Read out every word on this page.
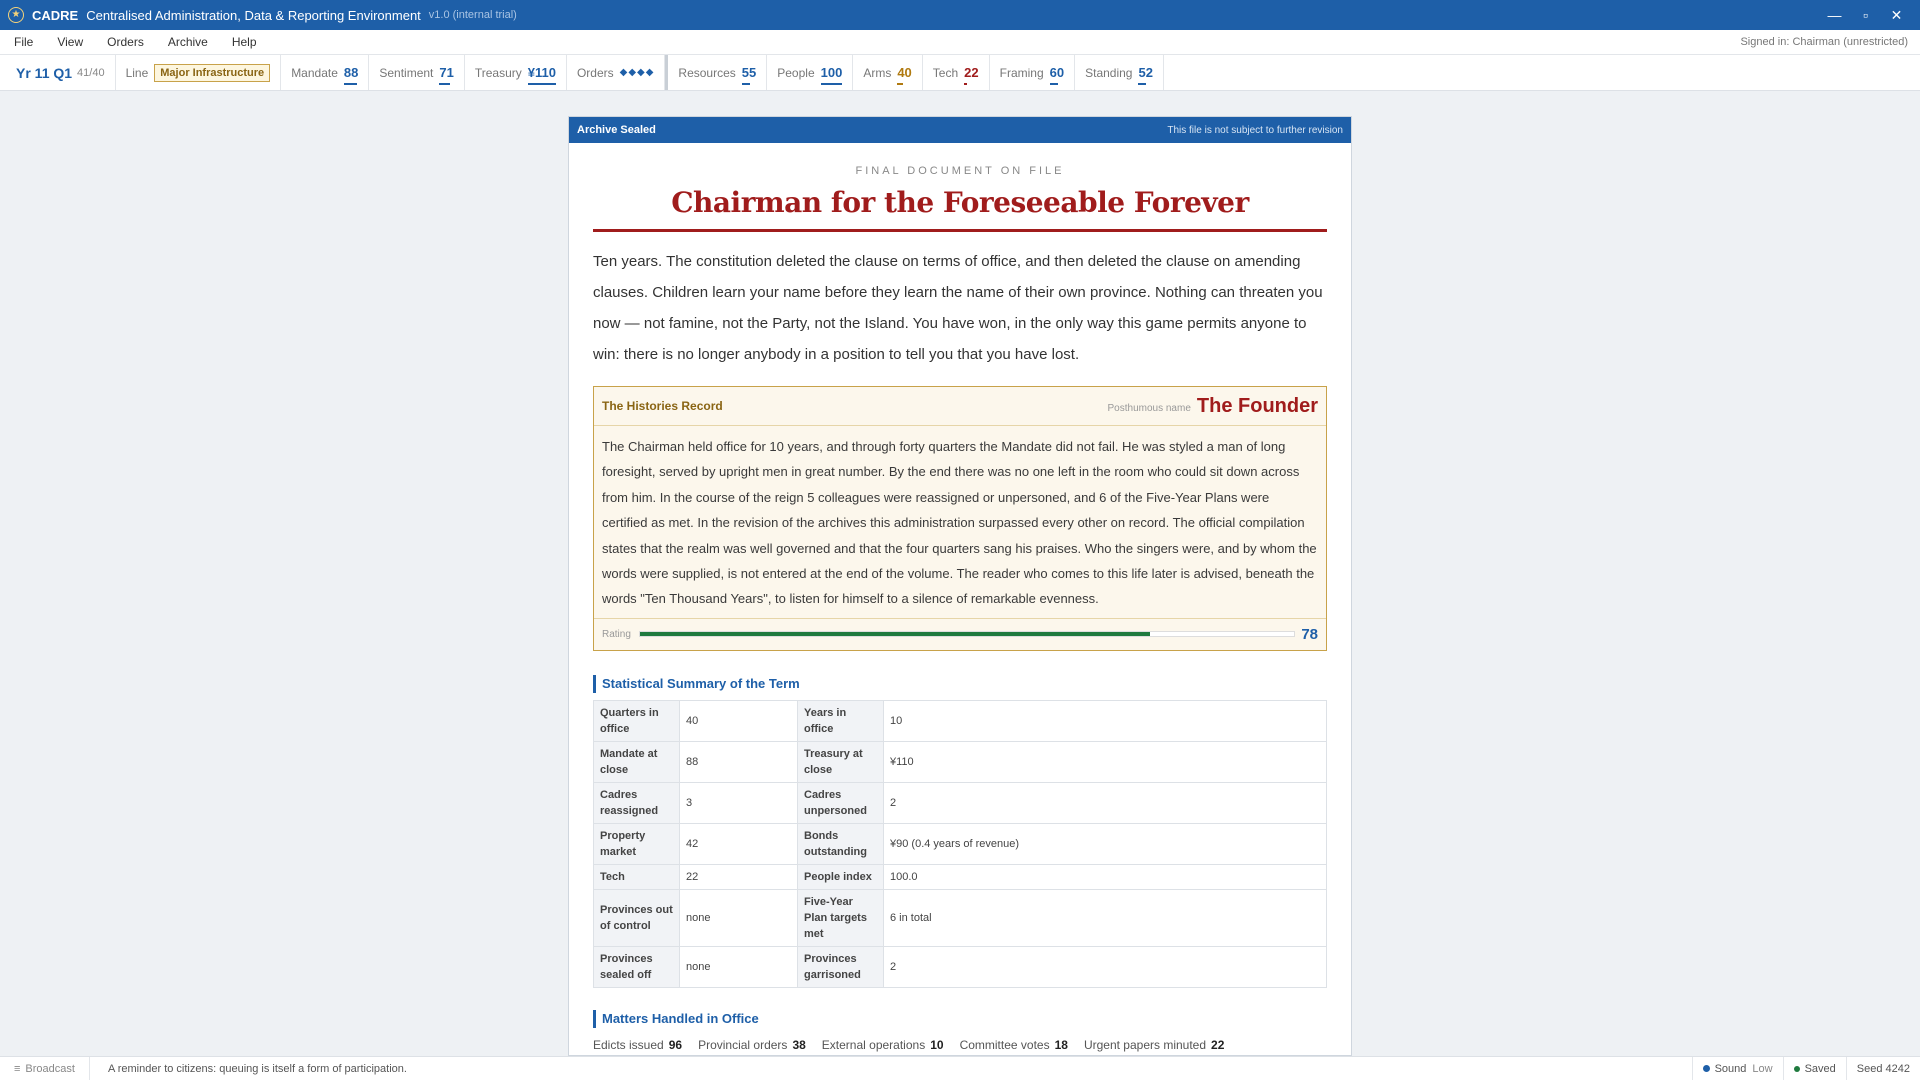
★ CADRE Centralised Administration, Data & Reporting Environment v1.0 (internal trial)	—	▫	✕
File View Orders Archive Help	Signed in: Chairman (unrestricted)
Yr 11 Q1 41/40 Line	Major Infrastructure	Mandate 88 Sentiment 71 Treasury ¥110 Orders ◆◆◆◆ Resources 55 People 100 Arms 40 Tech 22 Framing 60 Standing 52
Archive Sealed	This file is not subject to further revision
FINAL DOCUMENT ON FILE
Chairman for the Foreseeable Forever

Ten years. The constitution deleted the clause on terms of office, and then deleted the clause on amending clauses. Children learn your name before they learn the name of their own province. Nothing can threaten you now — not famine, not the Party, not the Island. You have won, in the only way this game permits anyone to win: there is no longer anybody in a position to tell you that you have lost.

The Histories Record	Posthumous name The Founder

The Chairman held office for 10 years, and through forty quarters the Mandate did not fail. He was styled a man of long foresight, served by upright men in great number. By the end there was no one left in the room who could sit down across from him. In the course of the reign 5 colleagues were reassigned or unpersoned, and 6 of the Five-Year Plans were certified as met. In the revision of the archives this administration surpassed every other on record. The official compilation states that the realm was well governed and that the four quarters sang his praises. Who the singers were, and by whom the words were supplied, is not entered at the end of the volume. The reader who comes to this life later is advised, beneath the words "Ten Thousand Years", to listen for himself to a silence of remarkable evenness.

Rating	78
Statistical Summary of the Term
Quarters in office	40	Years in office	10
Mandate at close	88	Treasury at close	¥110
Cadres reassigned	3	Cadres unpersoned	2
Property market	42	Bonds outstanding	¥90 (0.4 years of revenue)
Tech	22	People index	100.0
Provinces out of control	none	Five-Year Plan targets met	6 in total
Provinces sealed off	none	Provinces garrisoned	2
Matters Handled in Office
Edicts issued 96 Provincial orders 38 External operations 10 Committee votes 18 Urgent papers minuted 22
≡ Broadcast	A reminder to citizens: queuing is itself a form of participation.	Sound Low	Saved Seed 4242
